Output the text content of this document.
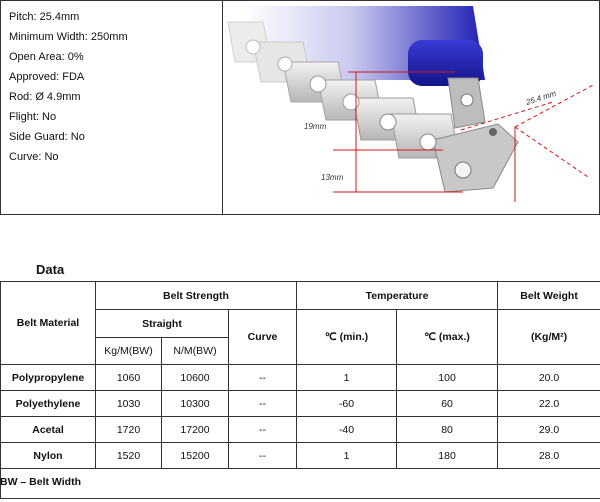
Pitch: 25.4mm
Minimum Width: 250mm
Open Area: 0%
Approved: FDA
Rod: Ø 4.9mm
Flight: No
Side Guard: No
Curve: No
25.4 mm
19mm
13mm
Data
Belt Material	Belt Strength			Temperature		Belt Weight
	Straight		Curve	℃ (min.)	℃ (max.)	(Kg/M²)
	Kg/M(BW)	N/M(BW)				
Polypropylene	1060	10600	--	1	100	20.0
Polyethylene	1030	10300	--	-60	60	22.0
Acetal	1720	17200	--	-40	80	29.0
Nylon	1520	15200	--	1	180	28.0

BW – Belt Width
